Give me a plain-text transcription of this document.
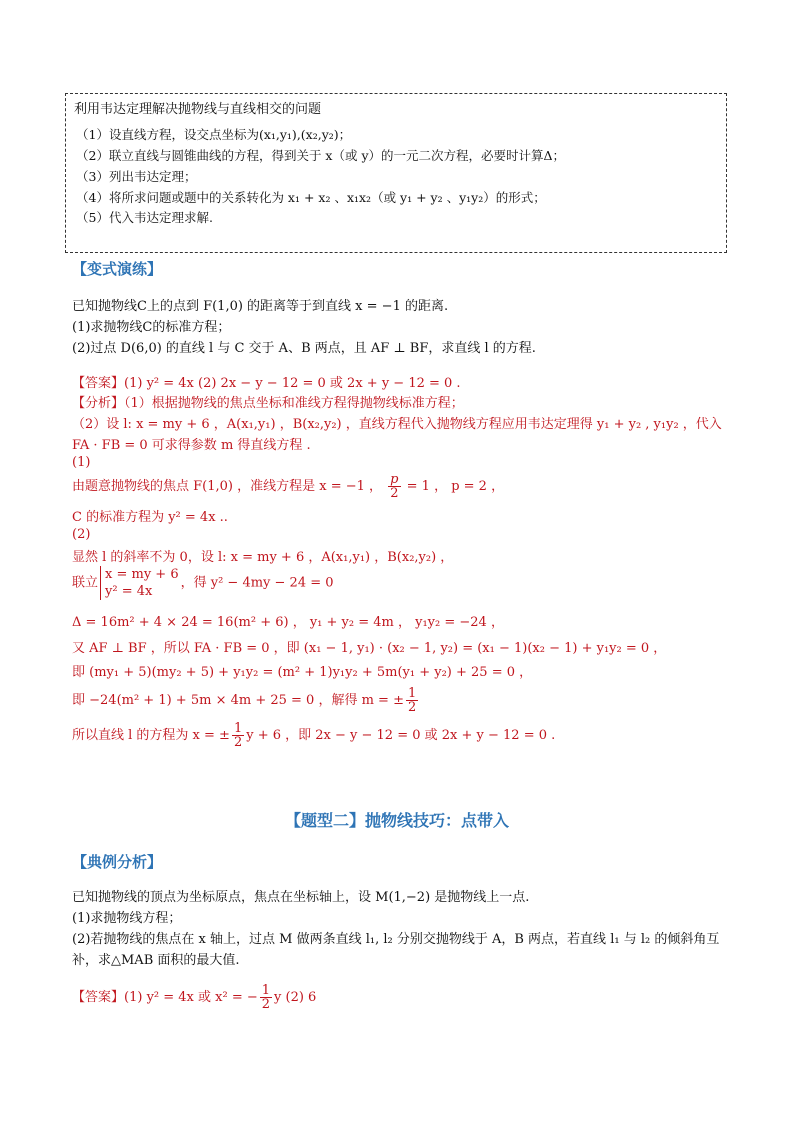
利用韦达定理解决抛物线与直线相交的问题
（1）设直线方程，设交点坐标为(x₁,y₁),(x₂,y₂)；
（2）联立直线与圆锥曲线的方程，得到关于 x（或 y）的一元二次方程，必要时计算Δ；
（3）列出韦达定理；
（4）将所求问题或题中的关系转化为 x₁ + x₂ 、x₁x₂（或 y₁ + y₂ 、y₁y₂）的形式；
（5）代入韦达定理求解.
【变式演练】
已知抛物线C上的点到 F(1,0) 的距离等于到直线 x = −1 的距离.
(1)求抛物线C的标准方程；
(2)过点 D(6,0) 的直线 l 与 C 交于 A、B 两点，且 AF ⊥ BF，求直线 l 的方程.
【答案】(1) y² = 4x (2) 2x − y − 12 = 0 或 2x + y − 12 = 0 .
【分析】（1）根据抛物线的焦点坐标和准线方程得抛物线标准方程；
（2）设 l: x = my + 6 ，A(x₁,y₁) ，B(x₂,y₂) ，直线方程代入抛物线方程应用韦达定理得 y₁ + y₂ , y₁y₂ ，代入
FA · FB = 0 可求得参数 m 得直线方程 .
(1)
由题意抛物线的焦点 F(1,0) ，准线方程是 x = −1 ， $\frac{p}{2} = 1$ ， p = 2 ，
C 的标准方程为 y² = 4x ..
(2)
显然 l 的斜率不为 0，设 l: x = my + 6 ，A(x₁,y₁) ，B(x₂,y₂) ，
联立
x = my + 6
y² = 4x
，得 y² − 4my − 24 = 0
Δ = 16m² + 4 × 24 = 16(m² + 6) ， y₁ + y₂ = 4m ， y₁y₂ = −24 ，
又 AF ⊥ BF ，所以 FA · FB = 0 ，即 (x₁ − 1, y₁) · (x₂ − 1, y₂) = (x₁ − 1)(x₂ − 1) + y₁y₂ = 0 ，
即 (my₁ + 5)(my₂ + 5) + y₁y₂ = (m² + 1)y₁y₂ + 5m(y₁ + y₂) + 25 = 0 ，
即 −24(m² + 1) + 5m × 4m + 25 = 0 ，解得 m = ± $\frac{1}{2}$
所以直线 l 的方程为 x = ± $\frac{1}{2}$ y + 6 ，即 2x − y − 12 = 0 或 2x + y − 12 = 0 .
【题型二】抛物线技巧：点带入
【典例分析】
已知抛物线的顶点为坐标原点，焦点在坐标轴上，设 M(1,−2) 是抛物线上一点.
(1)求抛物线方程；
(2)若抛物线的焦点在 x 轴上，过点 M 做两条直线 l₁, l₂ 分别交抛物线于 A，B 两点，若直线 l₁ 与 l₂ 的倾斜角互
补，求△MAB 面积的最大值.
【答案】(1) y² = 4x 或 x² = − $\frac{1}{2}$ y (2) 6
